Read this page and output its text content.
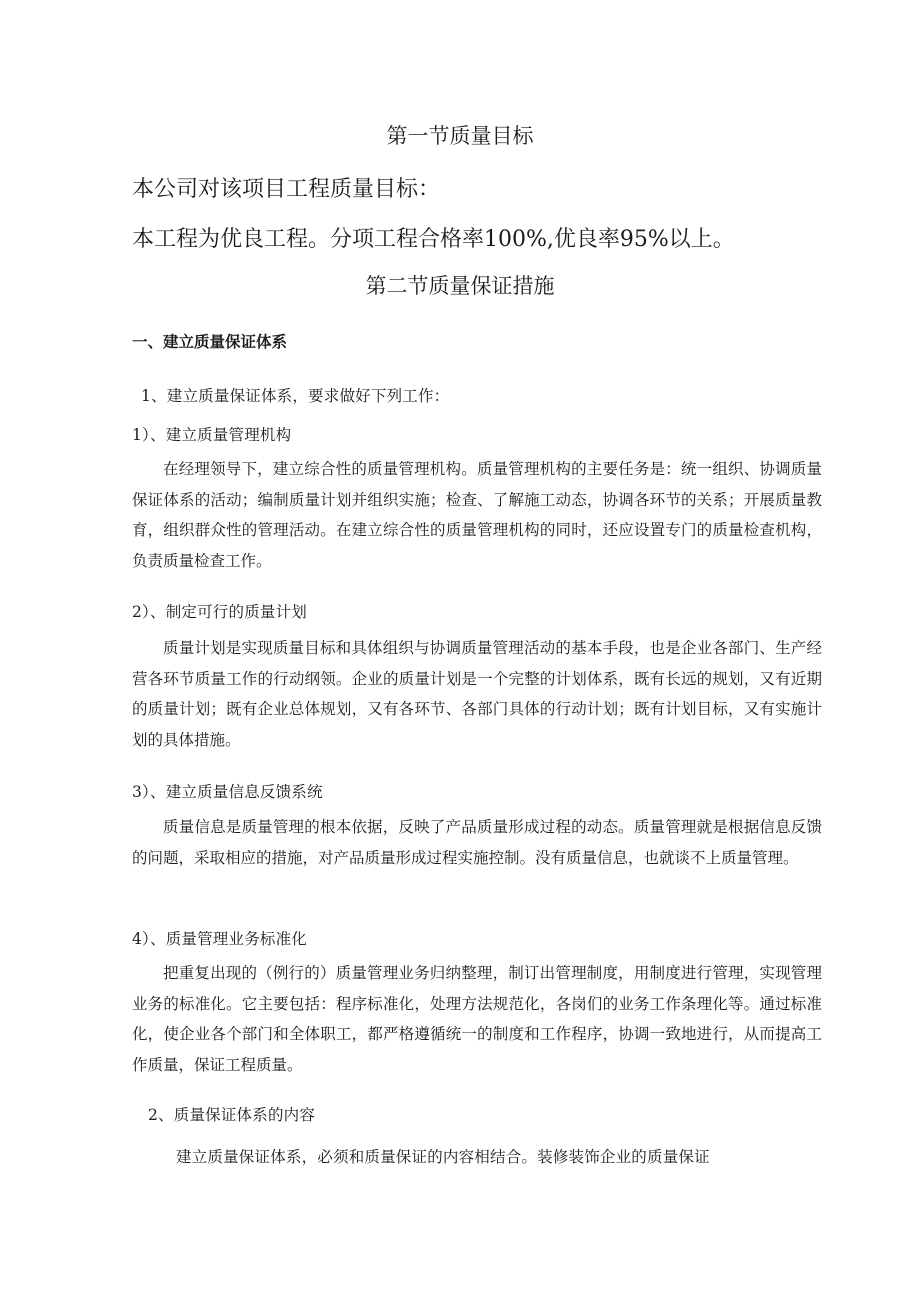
第一节质量目标

本公司对该项目工程质量目标：

本工程为优良工程。分项工程合格率100%,优良率95%以上。

第二节质量保证措施

一、建立质量保证体系

1、建立质量保证体系，要求做好下列工作：

1）、建立质量管理机构

在经理领导下，建立综合性的质量管理机构。质量管理机构的主要任务是：统一组织、协调质量保证体系的活动；编制质量计划并组织实施；检查、了解施工动态，协调各环节的关系；开展质量教育，组织群众性的管理活动。在建立综合性的质量管理机构的同时，还应设置专门的质量检查机构，负责质量检查工作。

2）、制定可行的质量计划

质量计划是实现质量目标和具体组织与协调质量管理活动的基本手段，也是企业各部门、生产经营各环节质量工作的行动纲领。企业的质量计划是一个完整的计划体系，既有长远的规划，又有近期的质量计划；既有企业总体规划，又有各环节、各部门具体的行动计划；既有计划目标，又有实施计划的具体措施。

3）、建立质量信息反馈系统

质量信息是质量管理的根本依据，反映了产品质量形成过程的动态。质量管理就是根据信息反馈的问题，采取相应的措施，对产品质量形成过程实施控制。没有质量信息，也就谈不上质量管理。

4）、质量管理业务标准化

把重复出现的（例行的）质量管理业务归纳整理，制订出管理制度，用制度进行管理，实现管理业务的标准化。它主要包括：程序标准化，处理方法规范化，各岗们的业务工作条理化等。通过标准化，使企业各个部门和全体职工，都严格遵循统一的制度和工作程序，协调一致地进行，从而提高工作质量，保证工程质量。

2、质量保证体系的内容

建立质量保证体系，必须和质量保证的内容相结合。装修装饰企业的质量保证
